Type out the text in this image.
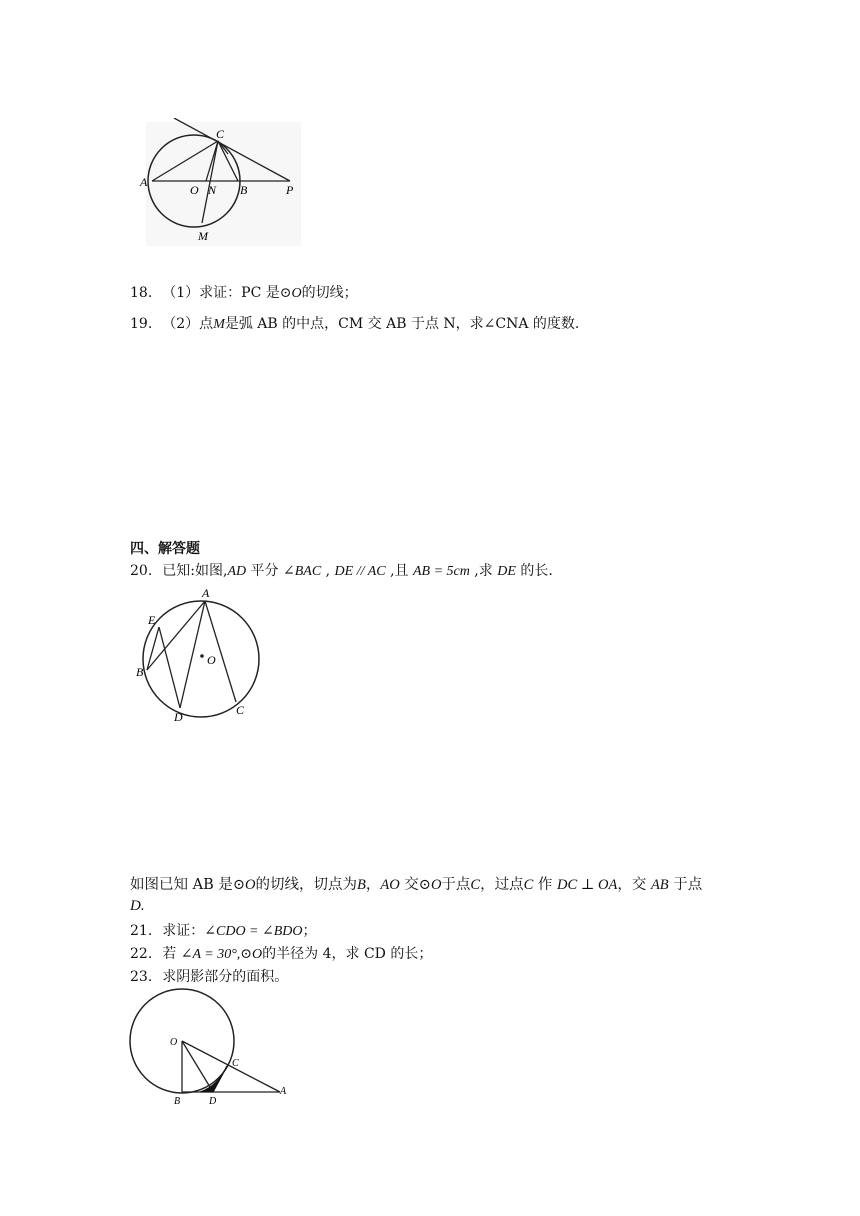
A
O N B	P
C
M
18. （1）求证：PC 是⊙O的切线；
19. （2）点M是弧 AB 的中点，CM 交 AB 于点 N，求∠CNA 的度数.
四、解答题
20. 已知:如图,AD 平分 ∠BAC , DE // AC ,且 AB = 5cm ,求 DE 的长.
A
E
B
O
D	C
如图已知 AB 是⊙O的切线，切点为B，AO 交⊙O于点C，过点C 作 DC ⊥ OA，交 AB 于点
D.
21. 求证：∠CDO = ∠BDO；
22. 若 ∠A = 30°,⊙O的半径为 4，求 CD 的长；
23. 求阴影部分的面积。
O
C
B	D
A
